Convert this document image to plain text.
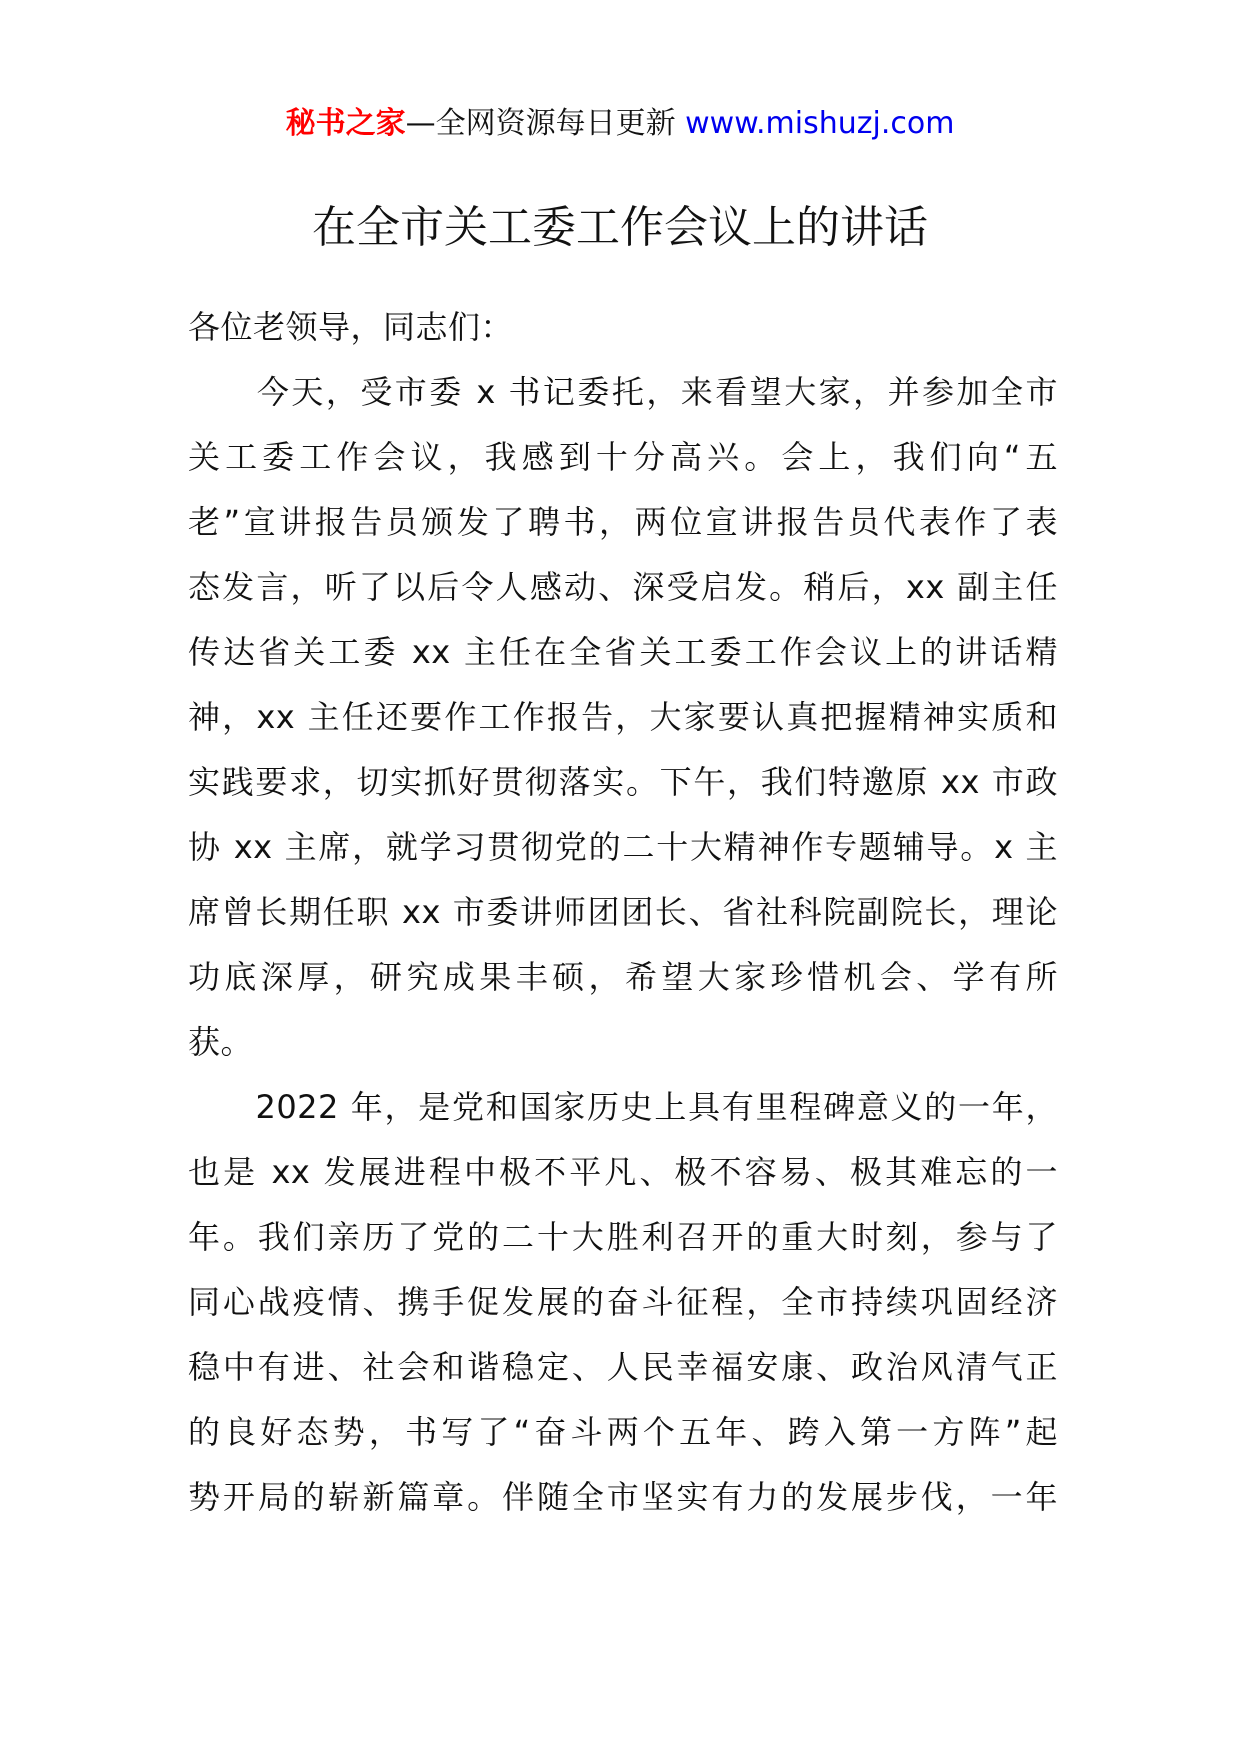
秘书之家—全网资源每日更新 www.mishuzj.com
在全市关工委工作会议上的讲话
各位老领导，同志们：
　　今天，受市委 x 书记委托，来看望大家，并参加全市
关工委工作会议，我感到十分高兴。会上，我们向“五
老”宣讲报告员颁发了聘书，两位宣讲报告员代表作了表
态发言，听了以后令人感动、深受启发。稍后，xx 副主任
传达省关工委 xx 主任在全省关工委工作会议上的讲话精
神，xx 主任还要作工作报告，大家要认真把握精神实质和
实践要求，切实抓好贯彻落实。下午，我们特邀原 xx 市政
协 xx 主席，就学习贯彻党的二十大精神作专题辅导。x 主
席曾长期任职 xx 市委讲师团团长、省社科院副院长，理论
功底深厚，研究成果丰硕，希望大家珍惜机会、学有所
获。
　　2022 年，是党和国家历史上具有里程碑意义的一年，
也是 xx 发展进程中极不平凡、极不容易、极其难忘的一
年。我们亲历了党的二十大胜利召开的重大时刻，参与了
同心战疫情、携手促发展的奋斗征程，全市持续巩固经济
稳中有进、社会和谐稳定、人民幸福安康、政治风清气正
的良好态势，书写了“奋斗两个五年、跨入第一方阵”起
势开局的崭新篇章。伴随全市坚实有力的发展步伐，一年
